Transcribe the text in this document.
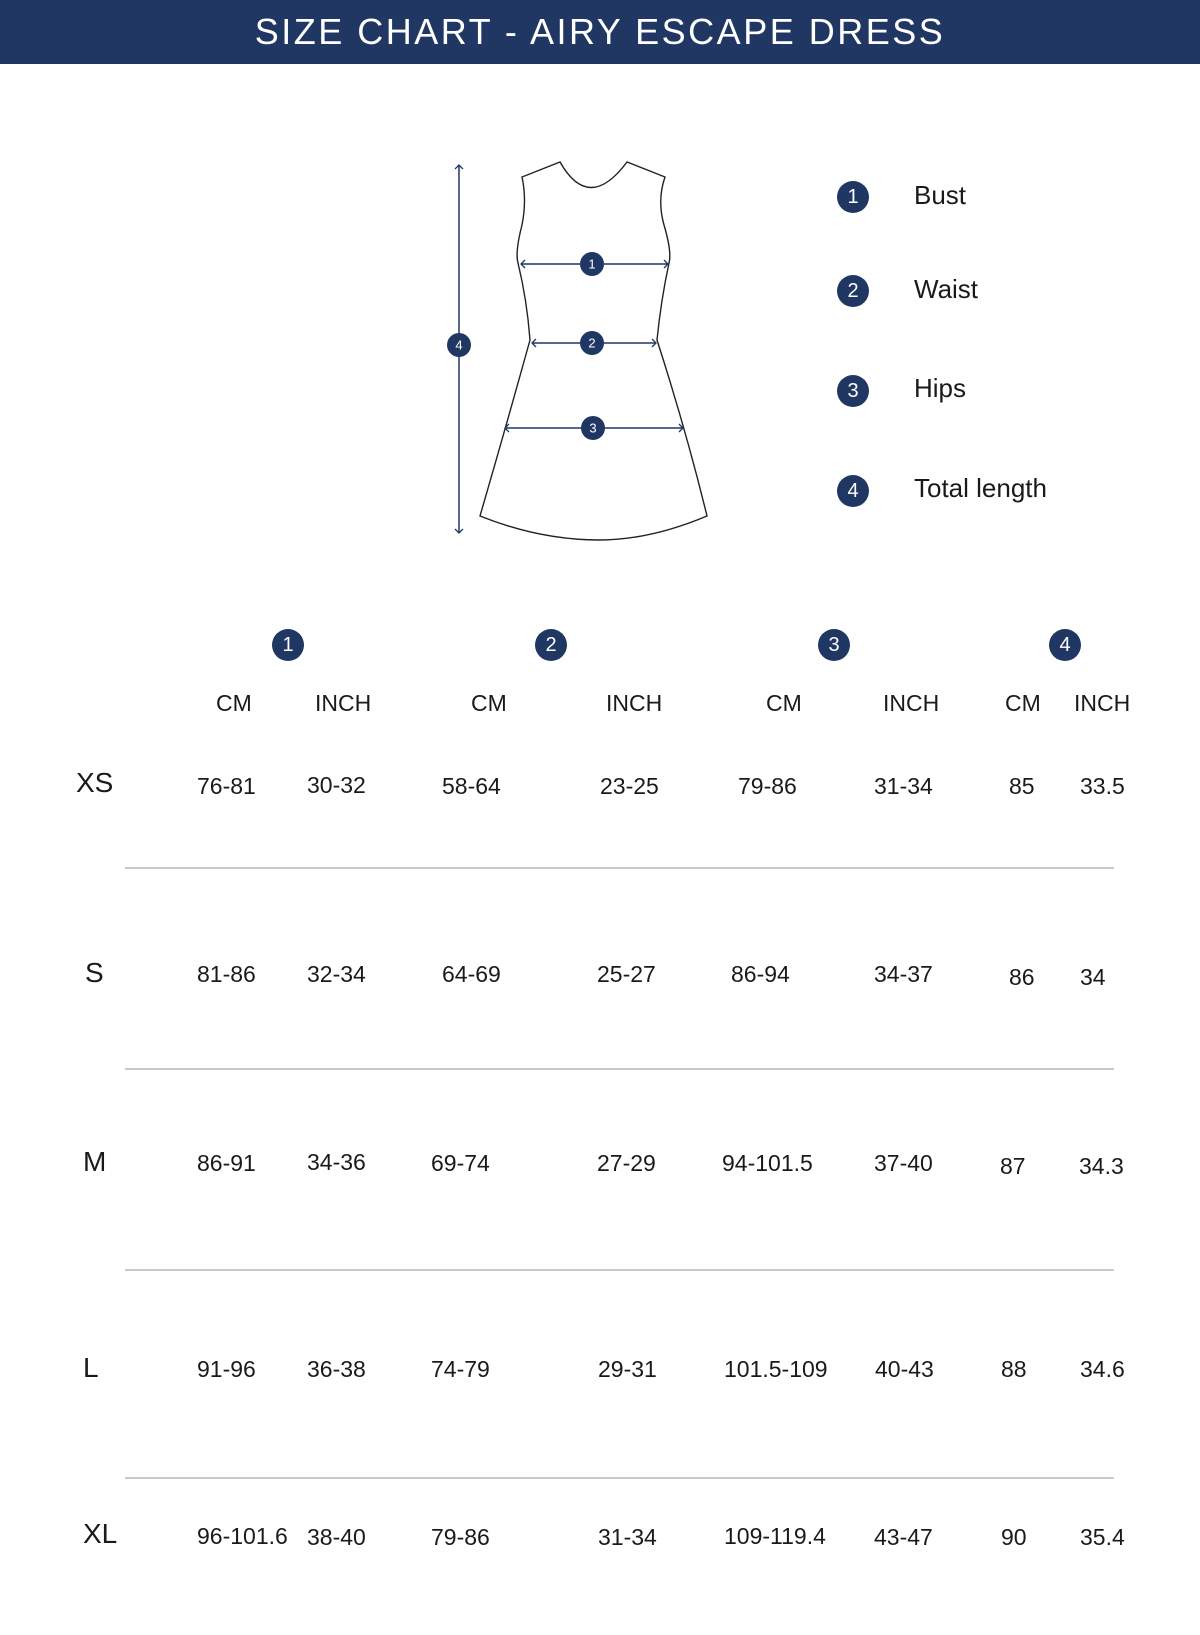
SIZE CHART - AIRY ESCAPE DRESS
1
2
3
4
1	Bust
2	Waist
3	Hips
4	Total length
1	2	3	4
CM	INCH	CM	INCH	CM	INCH	CM INCH
XS	76-81 30-32	58-64	23-25	79-86	31-34	85 33.5
S	81-86 32-34	64-69	25-27	86-94	34-37	86 34
M	86-91 34-36	69-74	27-29	94-101.5	37-40	87 34.3
L	91-96 36-38	74-79	29-31	101.5-109 40-43	88 34.6
XL	96-101.6 38-40	79-86	31-34	109-119.4 43-47	90 35.4
